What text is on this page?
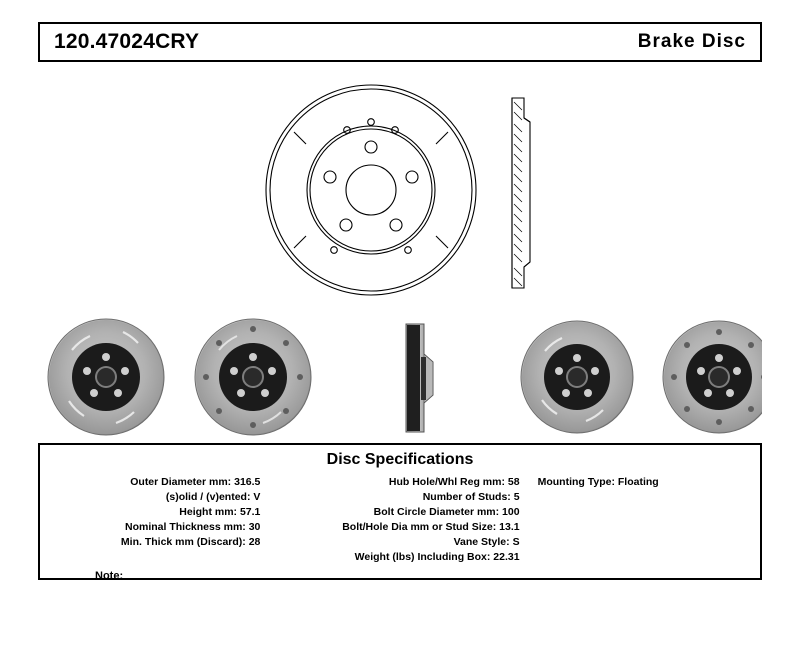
120.47024CRY	Brake Disc
Disc Specifications
Outer Diameter mm: 316.5
(s)olid / (v)ented: V
Height mm: 57.1
Nominal Thickness mm: 30
Min. Thick mm (Discard): 28
Hub Hole/Whl Reg mm: 58
Number of Studs: 5
Bolt Circle Diameter mm: 100
Bolt/Hole Dia mm or Stud Size: 13.1
Vane Style: S
Weight (lbs) Including Box: 22.31
Mounting Type: Floating
Note:
